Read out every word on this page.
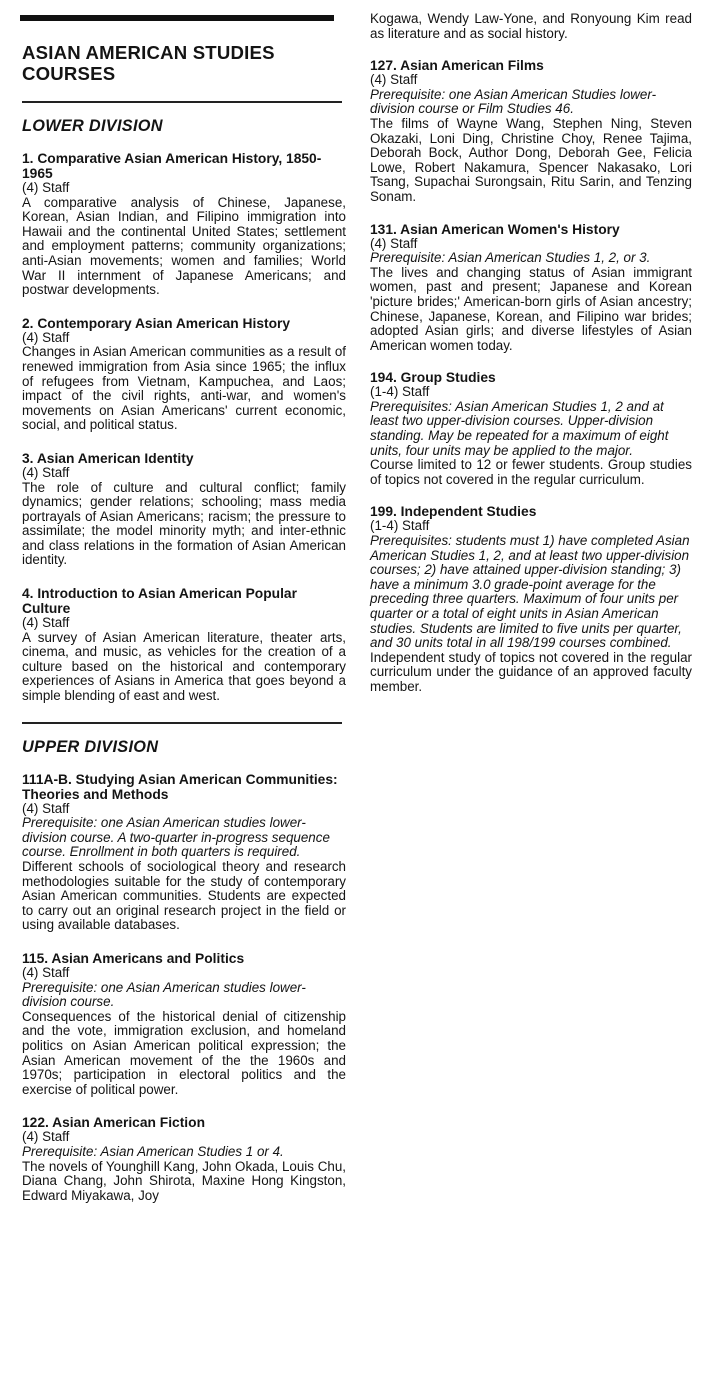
ASIAN AMERICAN STUDIES COURSES
LOWER DIVISION
1. Comparative Asian American History, 1850-1965
(4) Staff
A comparative analysis of Chinese, Japanese, Korean, Asian Indian, and Filipino immigration into Hawaii and the continental United States; settlement and employment patterns; community organizations; anti-Asian movements; women and families; World War II internment of Japanese Americans; and postwar developments.
2. Contemporary Asian American History
(4) Staff
Changes in Asian American communities as a result of renewed immigration from Asia since 1965; the influx of refugees from Vietnam, Kampuchea, and Laos; impact of the civil rights, anti-war, and women's movements on Asian Americans' current economic, social, and political status.
3. Asian American Identity
(4) Staff
The role of culture and cultural conflict; family dynamics; gender relations; schooling; mass media portrayals of Asian Americans; racism; the pressure to assimilate; the model minority myth; and inter-ethnic and class relations in the formation of Asian American identity.
4. Introduction to Asian American Popular Culture
(4) Staff
A survey of Asian American literature, theater arts, cinema, and music, as vehicles for the creation of a culture based on the historical and contemporary experiences of Asians in America that goes beyond a simple blending of east and west.
UPPER DIVISION
111A-B. Studying Asian American Communities: Theories and Methods
(4) Staff
Prerequisite: one Asian American studies lower-division course. A two-quarter in-progress sequence course. Enrollment in both quarters is required.
Different schools of sociological theory and research methodologies suitable for the study of contemporary Asian American communities. Students are expected to carry out an original research project in the field or using available databases.
115. Asian Americans and Politics
(4) Staff
Prerequisite: one Asian American studies lower-division course.
Consequences of the historical denial of citizenship and the vote, immigration exclusion, and homeland politics on Asian American political expression; the Asian American movement of the the 1960s and 1970s; participation in electoral politics and the exercise of political power.
122. Asian American Fiction
(4) Staff
Prerequisite: Asian American Studies 1 or 4.
The novels of Younghill Kang, John Okada, Louis Chu, Diana Chang, John Shirota, Maxine Hong Kingston, Edward Miyakawa, Joy
Kogawa, Wendy Law-Yone, and Ronyoung Kim read as literature and as social history.
127. Asian American Films
(4) Staff
Prerequisite: one Asian American Studies lower-division course or Film Studies 46.
The films of Wayne Wang, Stephen Ning, Steven Okazaki, Loni Ding, Christine Choy, Renee Tajima, Deborah Bock, Author Dong, Deborah Gee, Felicia Lowe, Robert Nakamura, Spencer Nakasako, Lori Tsang, Supachai Surongsain, Ritu Sarin, and Tenzing Sonam.
131. Asian American Women's History
(4) Staff
Prerequisite: Asian American Studies 1, 2, or 3.
The lives and changing status of Asian immigrant women, past and present; Japanese and Korean 'picture brides;' American-born girls of Asian ancestry; Chinese, Japanese, Korean, and Filipino war brides; adopted Asian girls; and diverse lifestyles of Asian American women today.
194. Group Studies
(1-4) Staff
Prerequisites: Asian American Studies 1, 2 and at least two upper-division courses. Upper-division standing. May be repeated for a maximum of eight units, four units may be applied to the major.
Course limited to 12 or fewer students. Group studies of topics not covered in the regular curriculum.
199. Independent Studies
(1-4) Staff
Prerequisites: students must 1) have completed Asian American Studies 1, 2, and at least two upper-division courses; 2) have attained upper-division standing; 3) have a minimum 3.0 grade-point average for the preceding three quarters. Maximum of four units per quarter or a total of eight units in Asian American studies. Students are limited to five units per quarter, and 30 units total in all 198/199 courses combined.
Independent study of topics not covered in the regular curriculum under the guidance of an approved faculty member.
